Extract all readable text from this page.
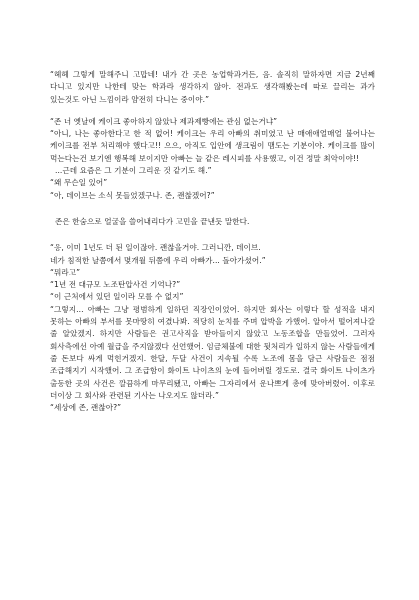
“헤헤 그렇게 말해주니 고맙네! 내가 간 곳은 농업학과거든, 음. 솔직히 말하자면 지금 2년째 다니고 있지만 나한테 맞는 학과라 생각하지 않아. 전과도 생각해봤는데 따로 끌리는 과가 있는것도 아닌 느낌이라 얌전히 다니는 중이야.”

“존 너 옛날에 케이크 좋아하지 않았나 제과제빵에는 관심 없는거냐”

“아니, 나는 좋아한다고 한 적 없어! 케이크는 우리 아빠의 취미였고 난 매애애얼매얼 불어나는 케이크를 전부 처리해야 했다고!! 으으, 아직도 입안에 생크림이 맴도는 기분이야. 케이크를 많이 먹는다는건 보기엔 행복해 보이지만 아빠는 늘 같은 레시피를 사용했고, 이건 정말 최악이야!!

...근데 요즘은 그 기분이 그리운 것 같기도 해.”

“왜 무슨일 있어”

“아, 데이브는 소식 못들었겠구나. 존, 괜찮겠어?”

존은 한숨으로 얼굴을 쓸어내리다가 고민을 끝낸듯 말한다.

“응, 이미 1년도 더 된 일이잖아. 괜찮을거야. 그러니깐, 데이브.

네가 침적한 날쯤에서 몇개월 뒤쯤에 우리 아빠가... 돌아가셨어.”

“뭐라고”

“1년 전 대규모 노조탄압사건 기억나?”

“이 근처에서 있던 일이라 모를 수 없지”

“그렇지... 아빠는 그냥 평범하게 일하던 직장인이었어. 하지만 회사는 이렇다 할 성적을 내지 못하는 아빠의 부서를 못마땅히 여겼나봐. 적당히 눈치를 주며 압박을 가했어. 알아서 떨어져나갈 줄 알았겠지. 하지만 사람들은 권고사직을 받아들이지 않았고 노동조합을 만들었어. 그러자 회사측에선 아예 월급을 주지않겠다 선언했어. 임금체불에 대한 뒷처리가 일하지 않는 사람들에게 줄 돈보다 싸게 먹힌거겠지. 한달, 두달 사건이 지속될 수록 노조에 몸을 담근 사람들은 점점 조급해지기 시작했어. 그 조급함이 화이트 나이츠의 눈에 들어버릴 정도로. 결국 화이트 나이츠가 출동한 곳의 사건은 깔끔하게 마무리됐고, 아빠는 그자리에서 운나쁘게 총에 맞아버렸어. 이후로 더이상 그 회사와 관련된 기사는 나오지도 않더라.”

“세상에 존, 괜찮아?”
